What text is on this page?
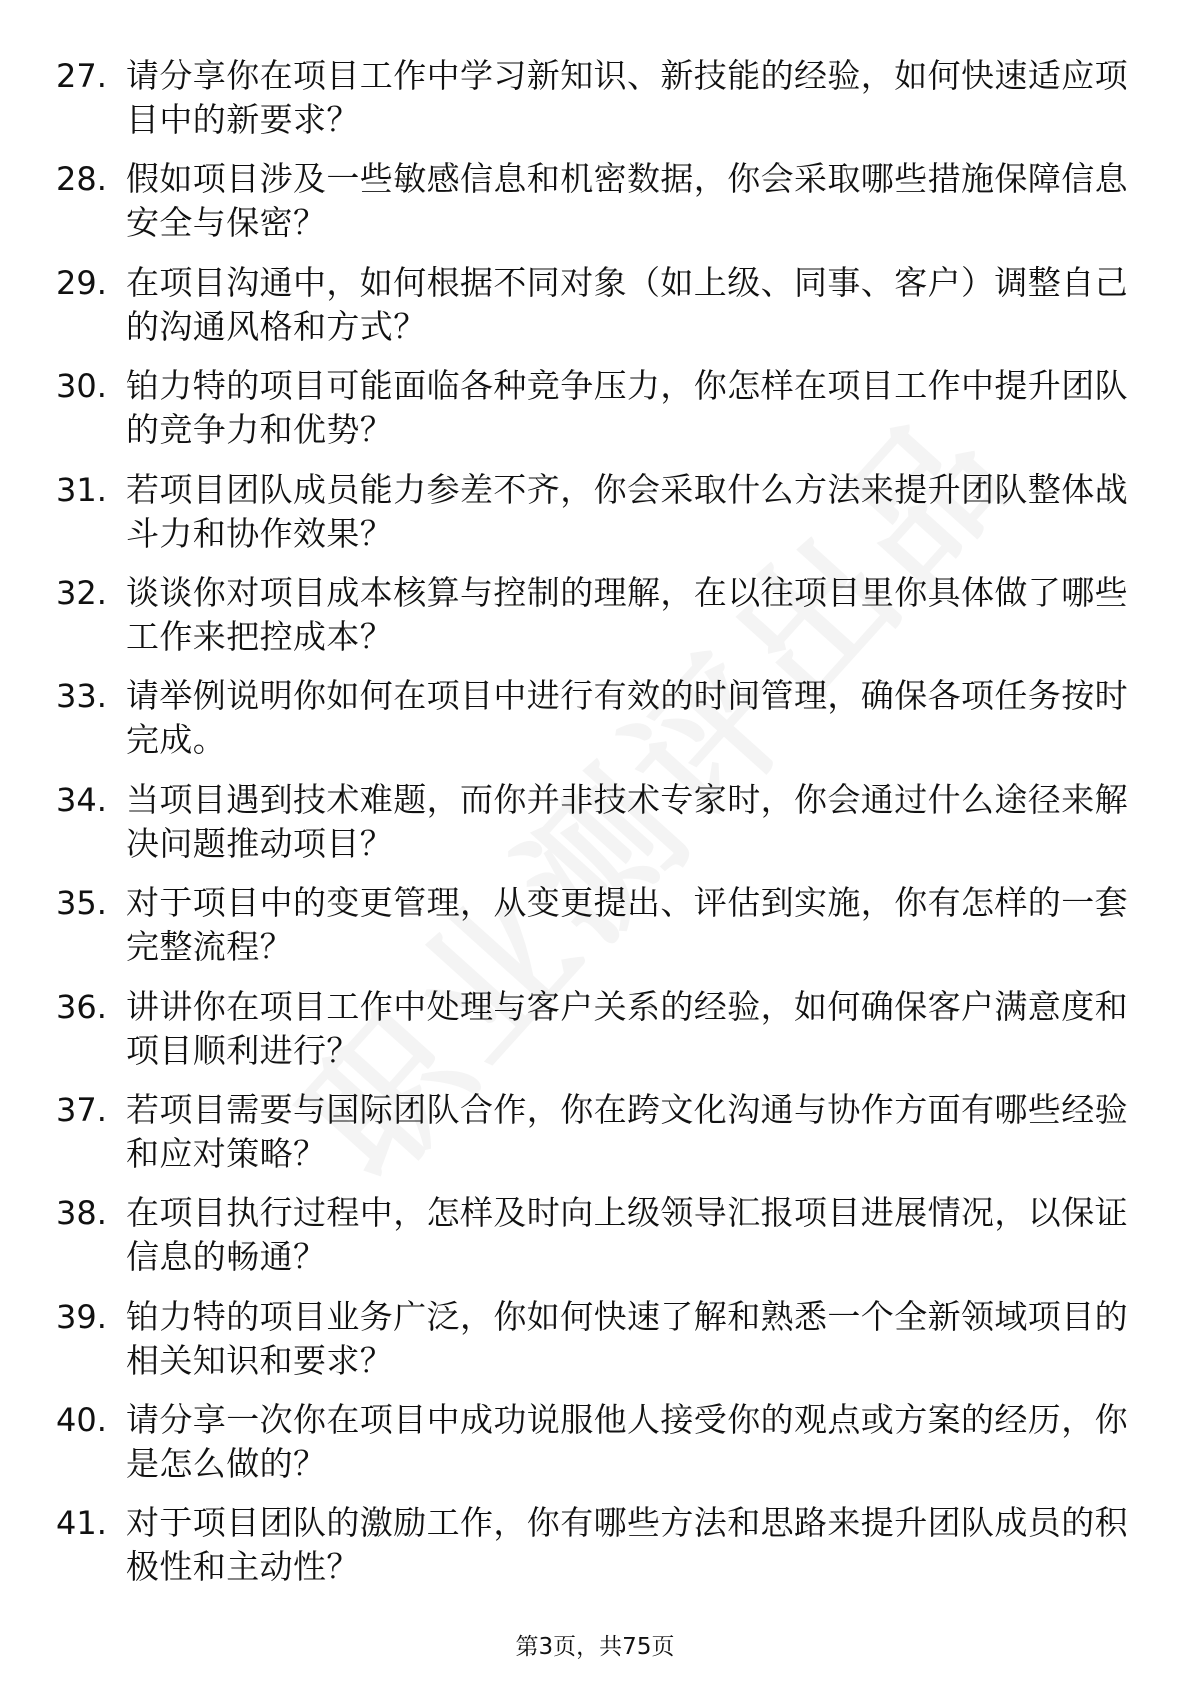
27. 请分享你在项目工作中学习新知识、新技能的经验，如何快速适应项目中的新要求？
28. 假如项目涉及一些敏感信息和机密数据，你会采取哪些措施保障信息安全与保密？
29. 在项目沟通中，如何根据不同对象（如上级、同事、客户）调整自己的沟通风格和方式？
30. 铂力特的项目可能面临各种竞争压力，你怎样在项目工作中提升团队的竞争力和优势？
31. 若项目团队成员能力参差不齐，你会采取什么方法来提升团队整体战斗力和协作效果？
32. 谈谈你对项目成本核算与控制的理解，在以往项目里你具体做了哪些工作来把控成本？
33. 请举例说明你如何在项目中进行有效的时间管理，确保各项任务按时完成。
34. 当项目遇到技术难题，而你并非技术专家时，你会通过什么途径来解决问题推动项目？
35. 对于项目中的变更管理，从变更提出、评估到实施，你有怎样的一套完整流程？
36. 讲讲你在项目工作中处理与客户关系的经验，如何确保客户满意度和项目顺利进行？
37. 若项目需要与国际团队合作，你在跨文化沟通与协作方面有哪些经验和应对策略？
38. 在项目执行过程中，怎样及时向上级领导汇报项目进展情况，以保证信息的畅通？
39. 铂力特的项目业务广泛，你如何快速了解和熟悉一个全新领域项目的相关知识和要求？
40. 请分享一次你在项目中成功说服他人接受你的观点或方案的经历，你是怎么做的？
41. 对于项目团队的激励工作，你有哪些方法和思路来提升团队成员的积极性和主动性？
第3页，共75页
